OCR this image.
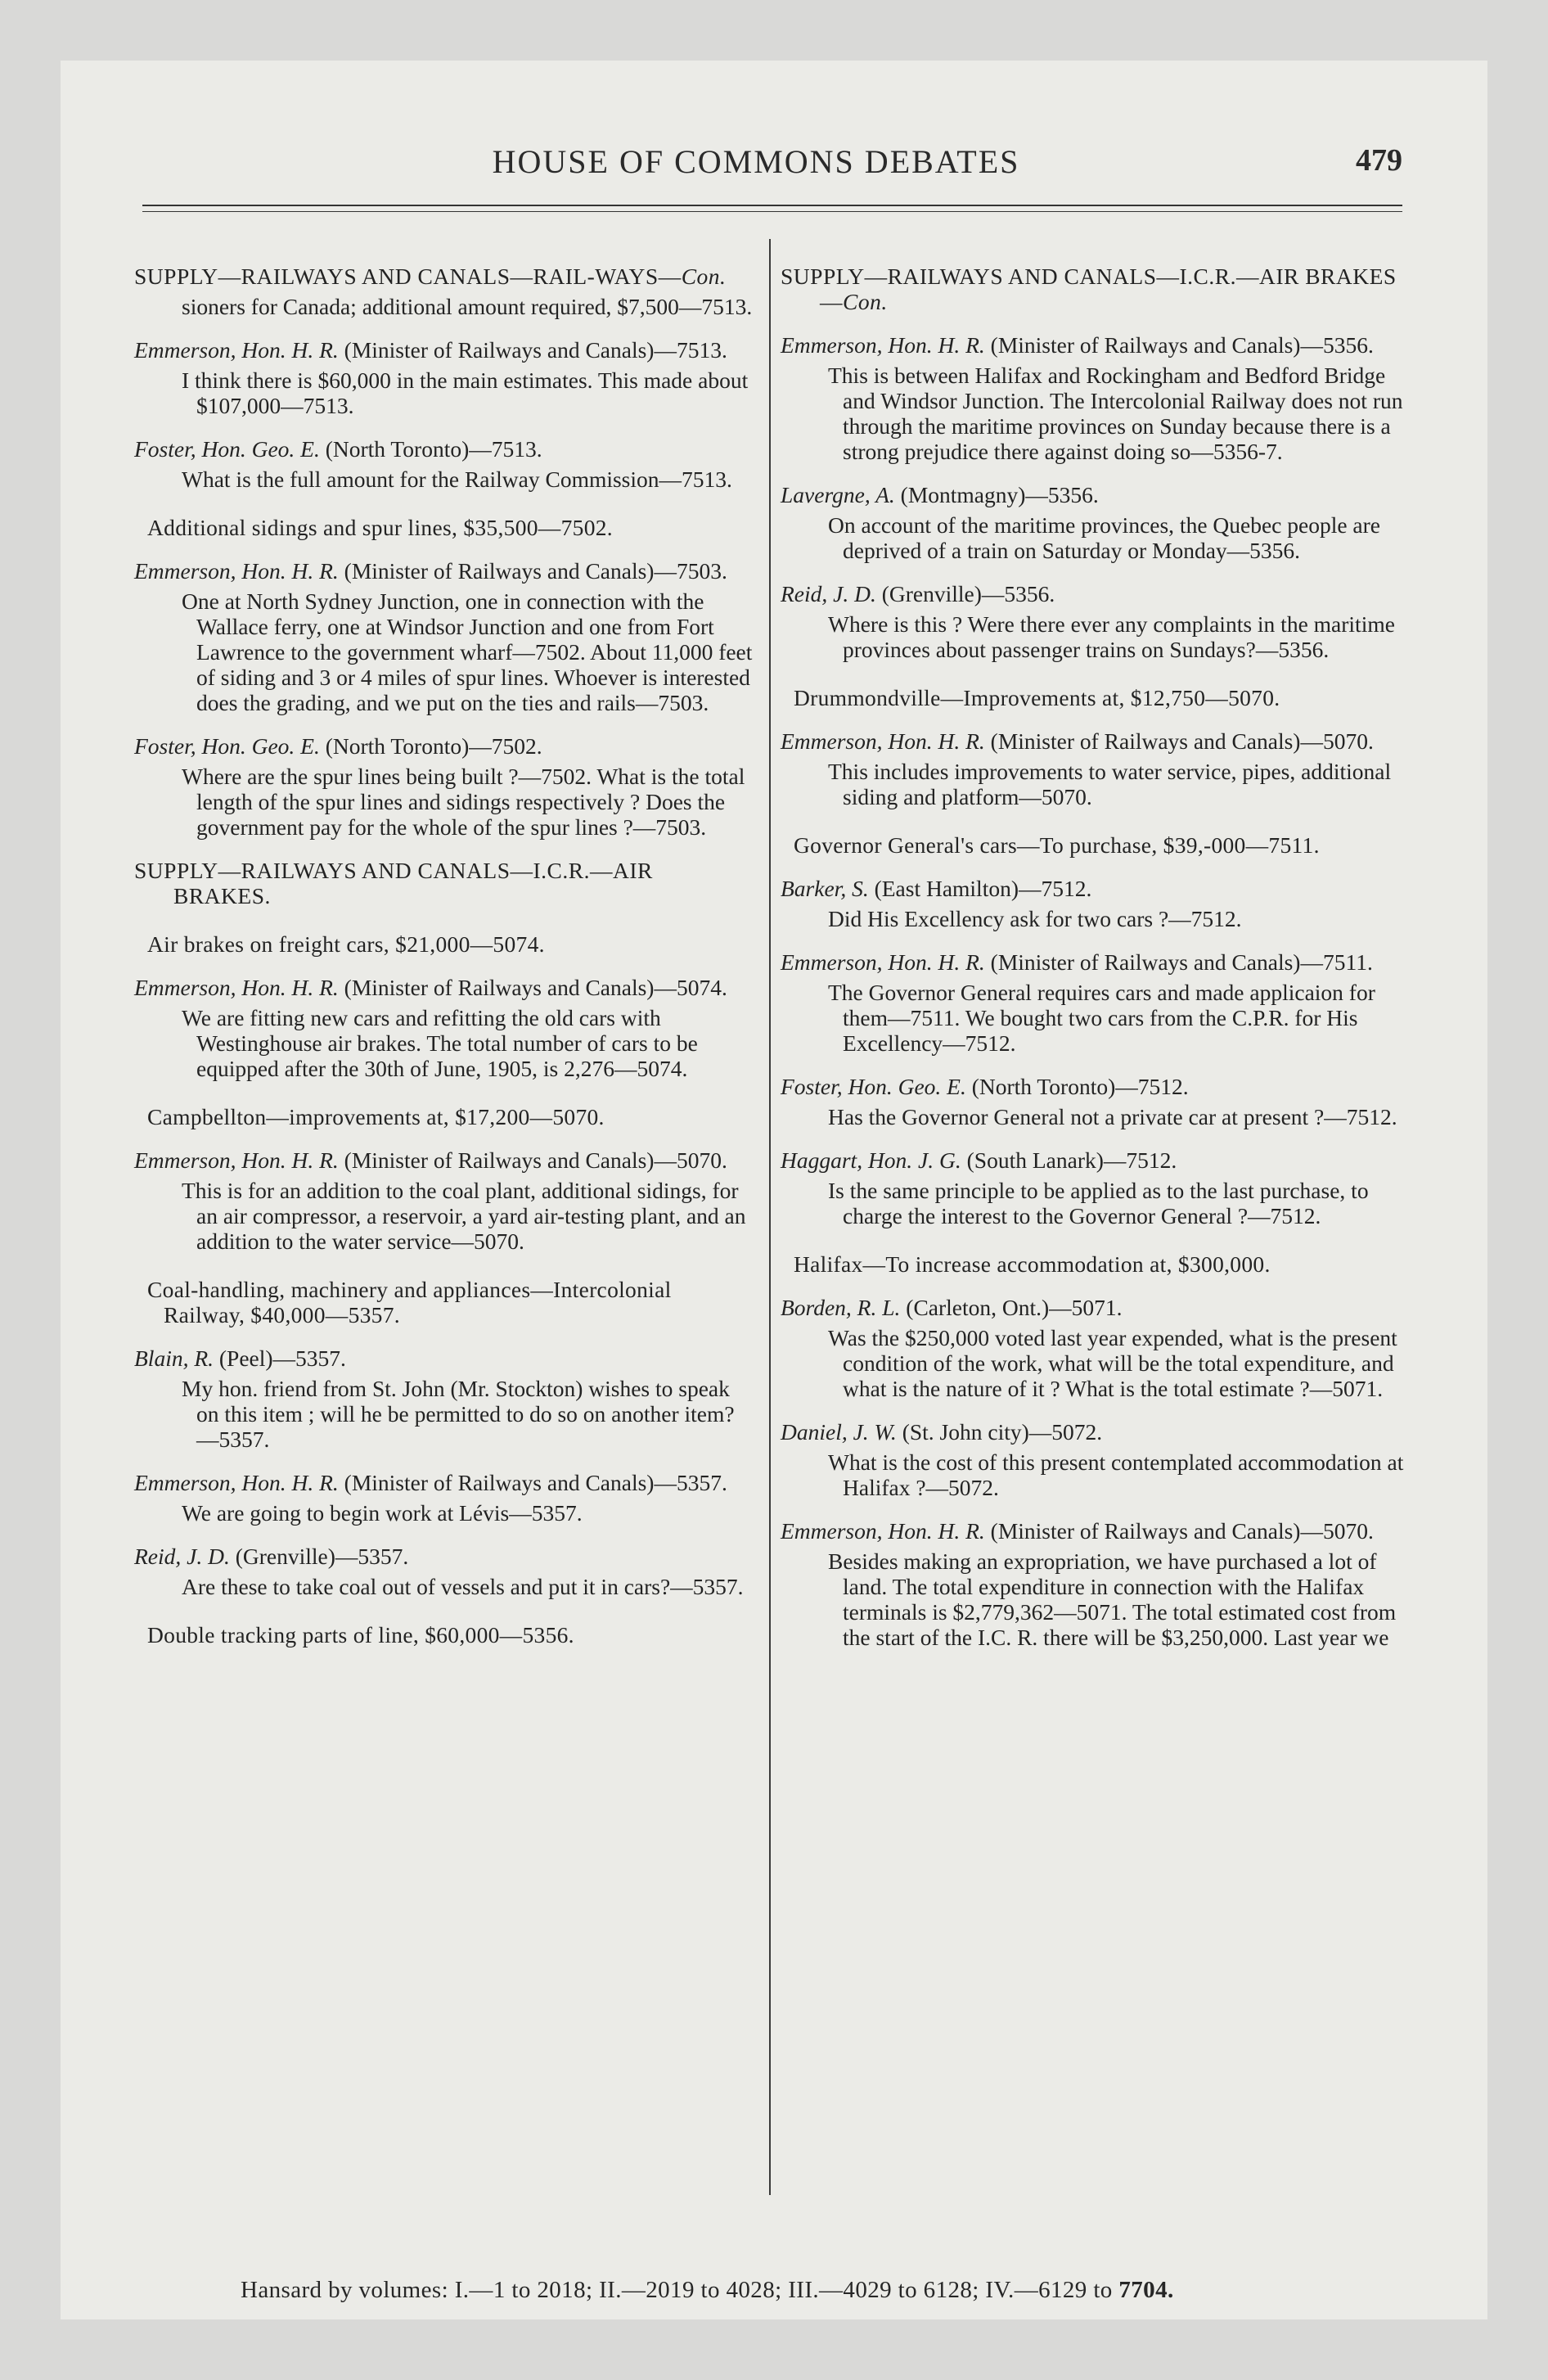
HOUSE OF COMMONS DEBATES	479

SUPPLY—RAILWAYS AND CANALS—RAIL-WAYS—Con.

sioners for Canada; additional amount required, $7,500—7513.

Emmerson, Hon. H. R. (Minister of Railways and Canals)—7513.

I think there is $60,000 in the main estimates. This made about $107,000—7513.

Foster, Hon. Geo. E. (North Toronto)—7513.

What is the full amount for the Railway Commission—7513.

Additional sidings and spur lines, $35,500—7502.

Emmerson, Hon. H. R. (Minister of Railways and Canals)—7503.

One at North Sydney Junction, one in connection with the Wallace ferry, one at Windsor Junction and one from Fort Lawrence to the government wharf—7502. About 11,000 feet of siding and 3 or 4 miles of spur lines. Whoever is interested does the grading, and we put on the ties and rails—7503.

Foster, Hon. Geo. E. (North Toronto)—7502.

Where are the spur lines being built ?—7502. What is the total length of the spur lines and sidings respectively ? Does the government pay for the whole of the spur lines ?—7503.

SUPPLY—RAILWAYS AND CANALS—I.C.R.—AIR BRAKES.

Air brakes on freight cars, $21,000—5074.

Emmerson, Hon. H. R. (Minister of Railways and Canals)—5074.

We are fitting new cars and refitting the old cars with Westinghouse air brakes. The total number of cars to be equipped after the 30th of June, 1905, is 2,276—5074.

Campbellton—improvements at, $17,200—5070.

Emmerson, Hon. H. R. (Minister of Railways and Canals)—5070.

This is for an addition to the coal plant, additional sidings, for an air compressor, a reservoir, a yard air-testing plant, and an addition to the water service—5070.

Coal-handling, machinery and appliances—Intercolonial Railway, $40,000—5357.

Blain, R. (Peel)—5357.

My hon. friend from St. John (Mr. Stockton) wishes to speak on this item ; will he be permitted to do so on another item?—5357.

Emmerson, Hon. H. R. (Minister of Railways and Canals)—5357.

We are going to begin work at Lévis—5357.

Reid, J. D. (Grenville)—5357.

Are these to take coal out of vessels and put it in cars?—5357.

Double tracking parts of line, $60,000—5356.

SUPPLY—RAILWAYS AND CANALS—I.C.R.—AIR BRAKES—Con.

Emmerson, Hon. H. R. (Minister of Railways and Canals)—5356.

This is between Halifax and Rockingham and Bedford Bridge and Windsor Junction. The Intercolonial Railway does not run through the maritime provinces on Sunday because there is a strong prejudice there against doing so—5356-7.

Lavergne, A. (Montmagny)—5356.

On account of the maritime provinces, the Quebec people are deprived of a train on Saturday or Monday—5356.

Reid, J. D. (Grenville)—5356.

Where is this ? Were there ever any complaints in the maritime provinces about passenger trains on Sundays?—5356.

Drummondville—Improvements at, $12,750—5070.

Emmerson, Hon. H. R. (Minister of Railways and Canals)—5070.

This includes improvements to water service, pipes, additional siding and platform—5070.

Governor General's cars—To purchase, $39,-000—7511.

Barker, S. (East Hamilton)—7512.

Did His Excellency ask for two cars ?—7512.

Emmerson, Hon. H. R. (Minister of Railways and Canals)—7511.

The Governor General requires cars and made applicaion for them—7511. We bought two cars from the C.P.R. for His Excellency—7512.

Foster, Hon. Geo. E. (North Toronto)—7512.

Has the Governor General not a private car at present ?—7512.

Haggart, Hon. J. G. (South Lanark)—7512.

Is the same principle to be applied as to the last purchase, to charge the interest to the Governor General ?—7512.

Halifax—To increase accommodation at, $300,000.

Borden, R. L. (Carleton, Ont.)—5071.

Was the $250,000 voted last year expended, what is the present condition of the work, what will be the total expenditure, and what is the nature of it ? What is the total estimate ?—5071.

Daniel, J. W. (St. John city)—5072.

What is the cost of this present contemplated accommodation at Halifax ?—5072.

Emmerson, Hon. H. R. (Minister of Railways and Canals)—5070.

Besides making an expropriation, we have purchased a lot of land. The total expenditure in connection with the Halifax terminals is $2,779,362—5071. The total estimated cost from the start of the I.C. R. there will be $3,250,000. Last year we

Hansard by volumes: I.—1 to 2018; II.—2019 to 4028; III.—4029 to 6128; IV.—6129 to 7704.
